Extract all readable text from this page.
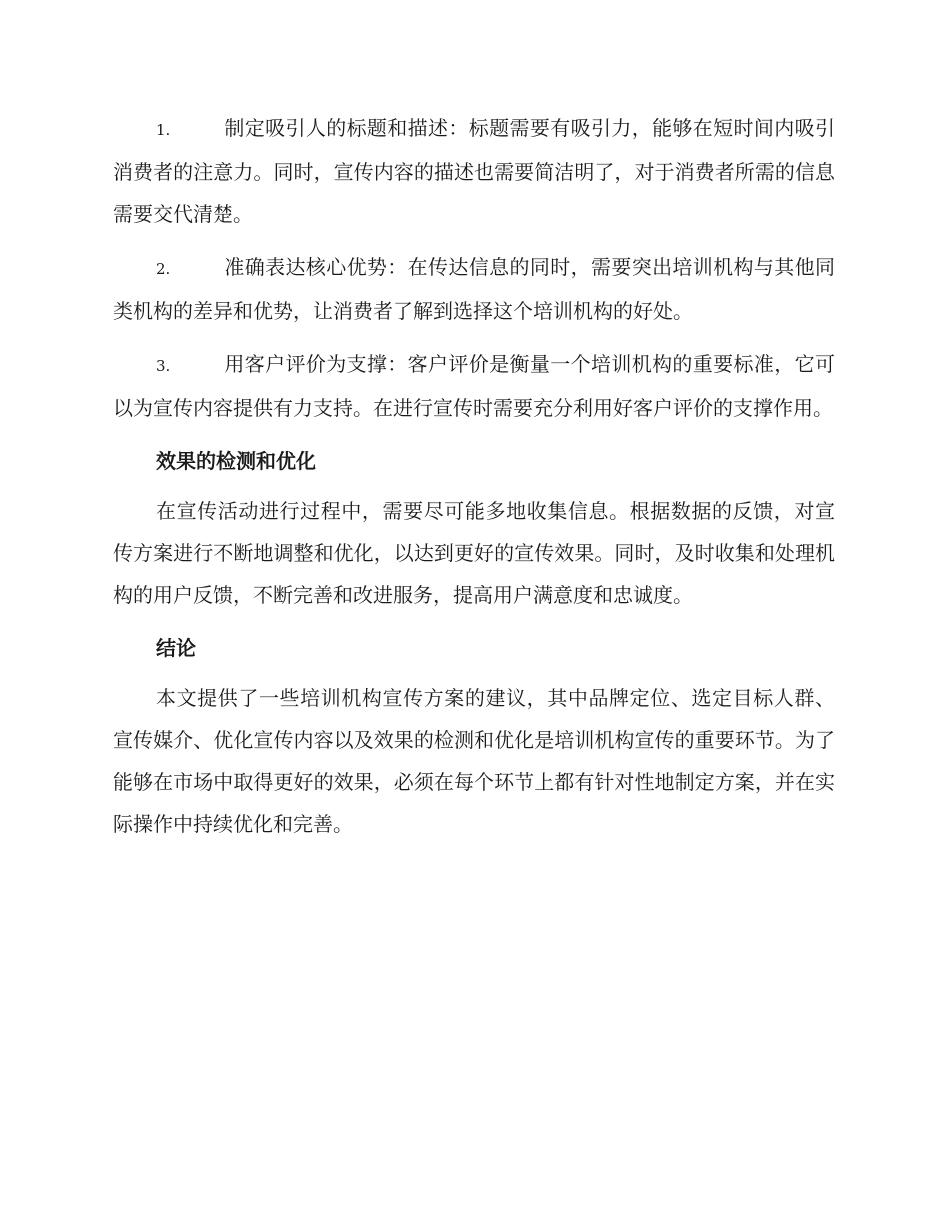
1.	制定吸引人的标题和描述：标题需要有吸引力，能够在短时间内吸引消费者的注意力。同时，宣传内容的描述也需要简洁明了，对于消费者所需的信息需要交代清楚。

2.	准确表达核心优势：在传达信息的同时，需要突出培训机构与其他同类机构的差异和优势，让消费者了解到选择这个培训机构的好处。

3.	用客户评价为支撑：客户评价是衡量一个培训机构的重要标准，它可以为宣传内容提供有力支持。在进行宣传时需要充分利用好客户评价的支撑作用。

效果的检测和优化

在宣传活动进行过程中，需要尽可能多地收集信息。根据数据的反馈，对宣传方案进行不断地调整和优化，以达到更好的宣传效果。同时，及时收集和处理机构的用户反馈，不断完善和改进服务，提高用户满意度和忠诚度。

结论

本文提供了一些培训机构宣传方案的建议，其中品牌定位、选定目标人群、宣传媒介、优化宣传内容以及效果的检测和优化是培训机构宣传的重要环节。为了能够在市场中取得更好的效果，必须在每个环节上都有针对性地制定方案，并在实际操作中持续优化和完善。
